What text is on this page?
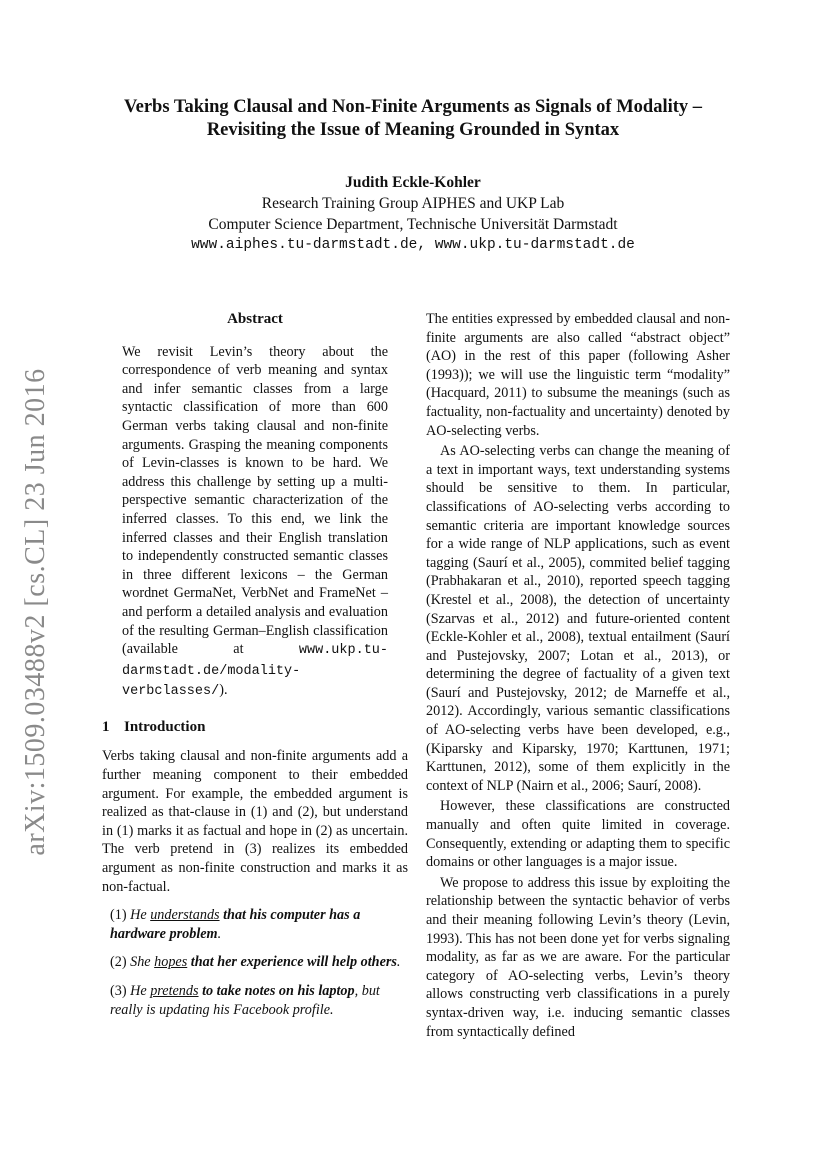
arXiv:1509.03488v2 [cs.CL] 23 Jun 2016
Verbs Taking Clausal and Non-Finite Arguments as Signals of Modality –
Revisiting the Issue of Meaning Grounded in Syntax
Judith Eckle-Kohler
Research Training Group AIPHES and UKP Lab
Computer Science Department, Technische Universität Darmstadt
www.aiphes.tu-darmstadt.de, www.ukp.tu-darmstadt.de
Abstract
We revisit Levin’s theory about the correspondence of verb meaning and syntax and infer semantic classes from a large syntactic classification of more than 600 German verbs taking clausal and non-finite arguments. Grasping the meaning components of Levin-classes is known to be hard. We address this challenge by setting up a multi-perspective semantic characterization of the inferred classes. To this end, we link the inferred classes and their English translation to independently constructed semantic classes in three different lexicons – the German wordnet GermaNet, VerbNet and FrameNet – and perform a detailed analysis and evaluation of the resulting German–English classification (available at	www.ukp.tu-darmstadt.de/modality-verbclasses/).
1 Introduction

Verbs taking clausal and non-finite arguments add a further meaning component to their embedded argument. For example, the embedded argument is realized as that-clause in (1) and (2), but understand in (1) marks it as factual and hope in (2) as uncertain. The verb pretend in (3) realizes its embedded argument as non-finite construction and marks it as non-factual.

(1) He understands that his computer has a hardware problem.
(2) She hopes that her experience will help others.
(3) He pretends to take notes on his laptop, but really is updating his Facebook profile.

The entities expressed by embedded clausal and non-finite arguments are also called “abstract object” (AO) in the rest of this paper (following Asher (1993)); we will use the linguistic term “modality” (Hacquard, 2011) to subsume the meanings (such as factuality, non-factuality and uncertainty) denoted by AO-selecting verbs.

As AO-selecting verbs can change the meaning of a text in important ways, text understanding systems should be sensitive to them. In particular, classifications of AO-selecting verbs according to semantic criteria are important knowledge sources for a wide range of NLP applications, such as event tagging (Saurí et al., 2005), commited belief tagging (Prabhakaran et al., 2010), reported speech tagging (Krestel et al., 2008), the detection of uncertainty (Szarvas et al., 2012) and future-oriented content (Eckle-Kohler et al., 2008), textual entailment (Saurí and Pustejovsky, 2007; Lotan et al., 2013), or determining the degree of factuality of a given text (Saurí and Pustejovsky, 2012; de Marneffe et al., 2012). Accordingly, various semantic classifications of AO-selecting verbs have been developed, e.g., (Kiparsky and Kiparsky, 1970; Karttunen, 1971; Karttunen, 2012), some of them explicitly in the context of NLP (Nairn et al., 2006; Saurí, 2008).

However, these classifications are constructed manually and often quite limited in coverage. Consequently, extending or adapting them to specific domains or other languages is a major issue.

We propose to address this issue by exploiting the relationship between the syntactic behavior of verbs and their meaning following Levin’s theory (Levin, 1993). This has not been done yet for verbs signaling modality, as far as we are aware. For the particular category of AO-selecting verbs, Levin’s theory allows constructing verb classifications in a purely syntax-driven way, i.e. inducing semantic classes from syntactically defined
